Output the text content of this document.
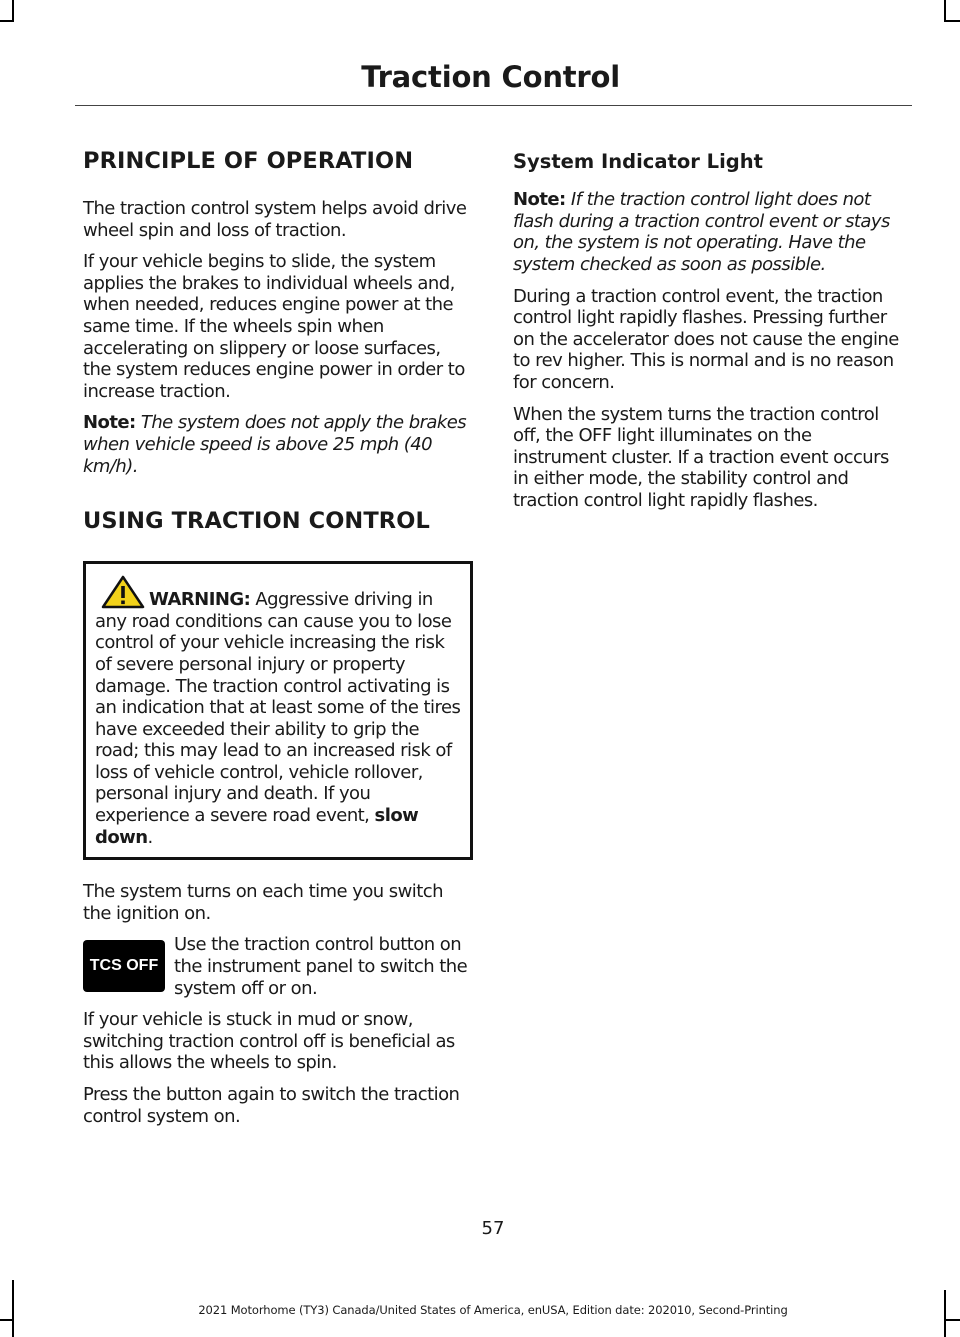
Traction Control
PRINCIPLE OF OPERATION

The traction control system helps avoid drive wheel spin and loss of traction.

If your vehicle begins to slide, the system applies the brakes to individual wheels and, when needed, reduces engine power at the same time. If the wheels spin when accelerating on slippery or loose surfaces, the system reduces engine power in order to increase traction.

Note: The system does not apply the brakes when vehicle speed is above 25 mph (40 km/h).

USING TRACTION CONTROL

WARNING: Aggressive driving in any road conditions can cause you to lose control of your vehicle increasing the risk of severe personal injury or property damage. The traction control activating is an indication that at least some of the tires have exceeded their ability to grip the road; this may lead to an increased risk of loss of vehicle control, vehicle rollover, personal injury and death. If you experience a severe road event, slow down.

The system turns on each time you switch the ignition on.

TCS OFF

Use the traction control button on the instrument panel to switch the system off or on.

If your vehicle is stuck in mud or snow, switching traction control off is beneficial as this allows the wheels to spin.

Press the button again to switch the traction control system on.

System Indicator Light

Note: If the traction control light does not flash during a traction control event or stays on, the system is not operating. Have the system checked as soon as possible.

During a traction control event, the traction control light rapidly flashes. Pressing further on the accelerator does not cause the engine to rev higher. This is normal and is no reason for concern.

When the system turns the traction control off, the OFF light illuminates on the instrument cluster. If a traction event occurs in either mode, the stability control and traction control light rapidly flashes.

57
2021 Motorhome (TY3) Canada/United States of America, enUSA, Edition date: 202010, Second-Printing
